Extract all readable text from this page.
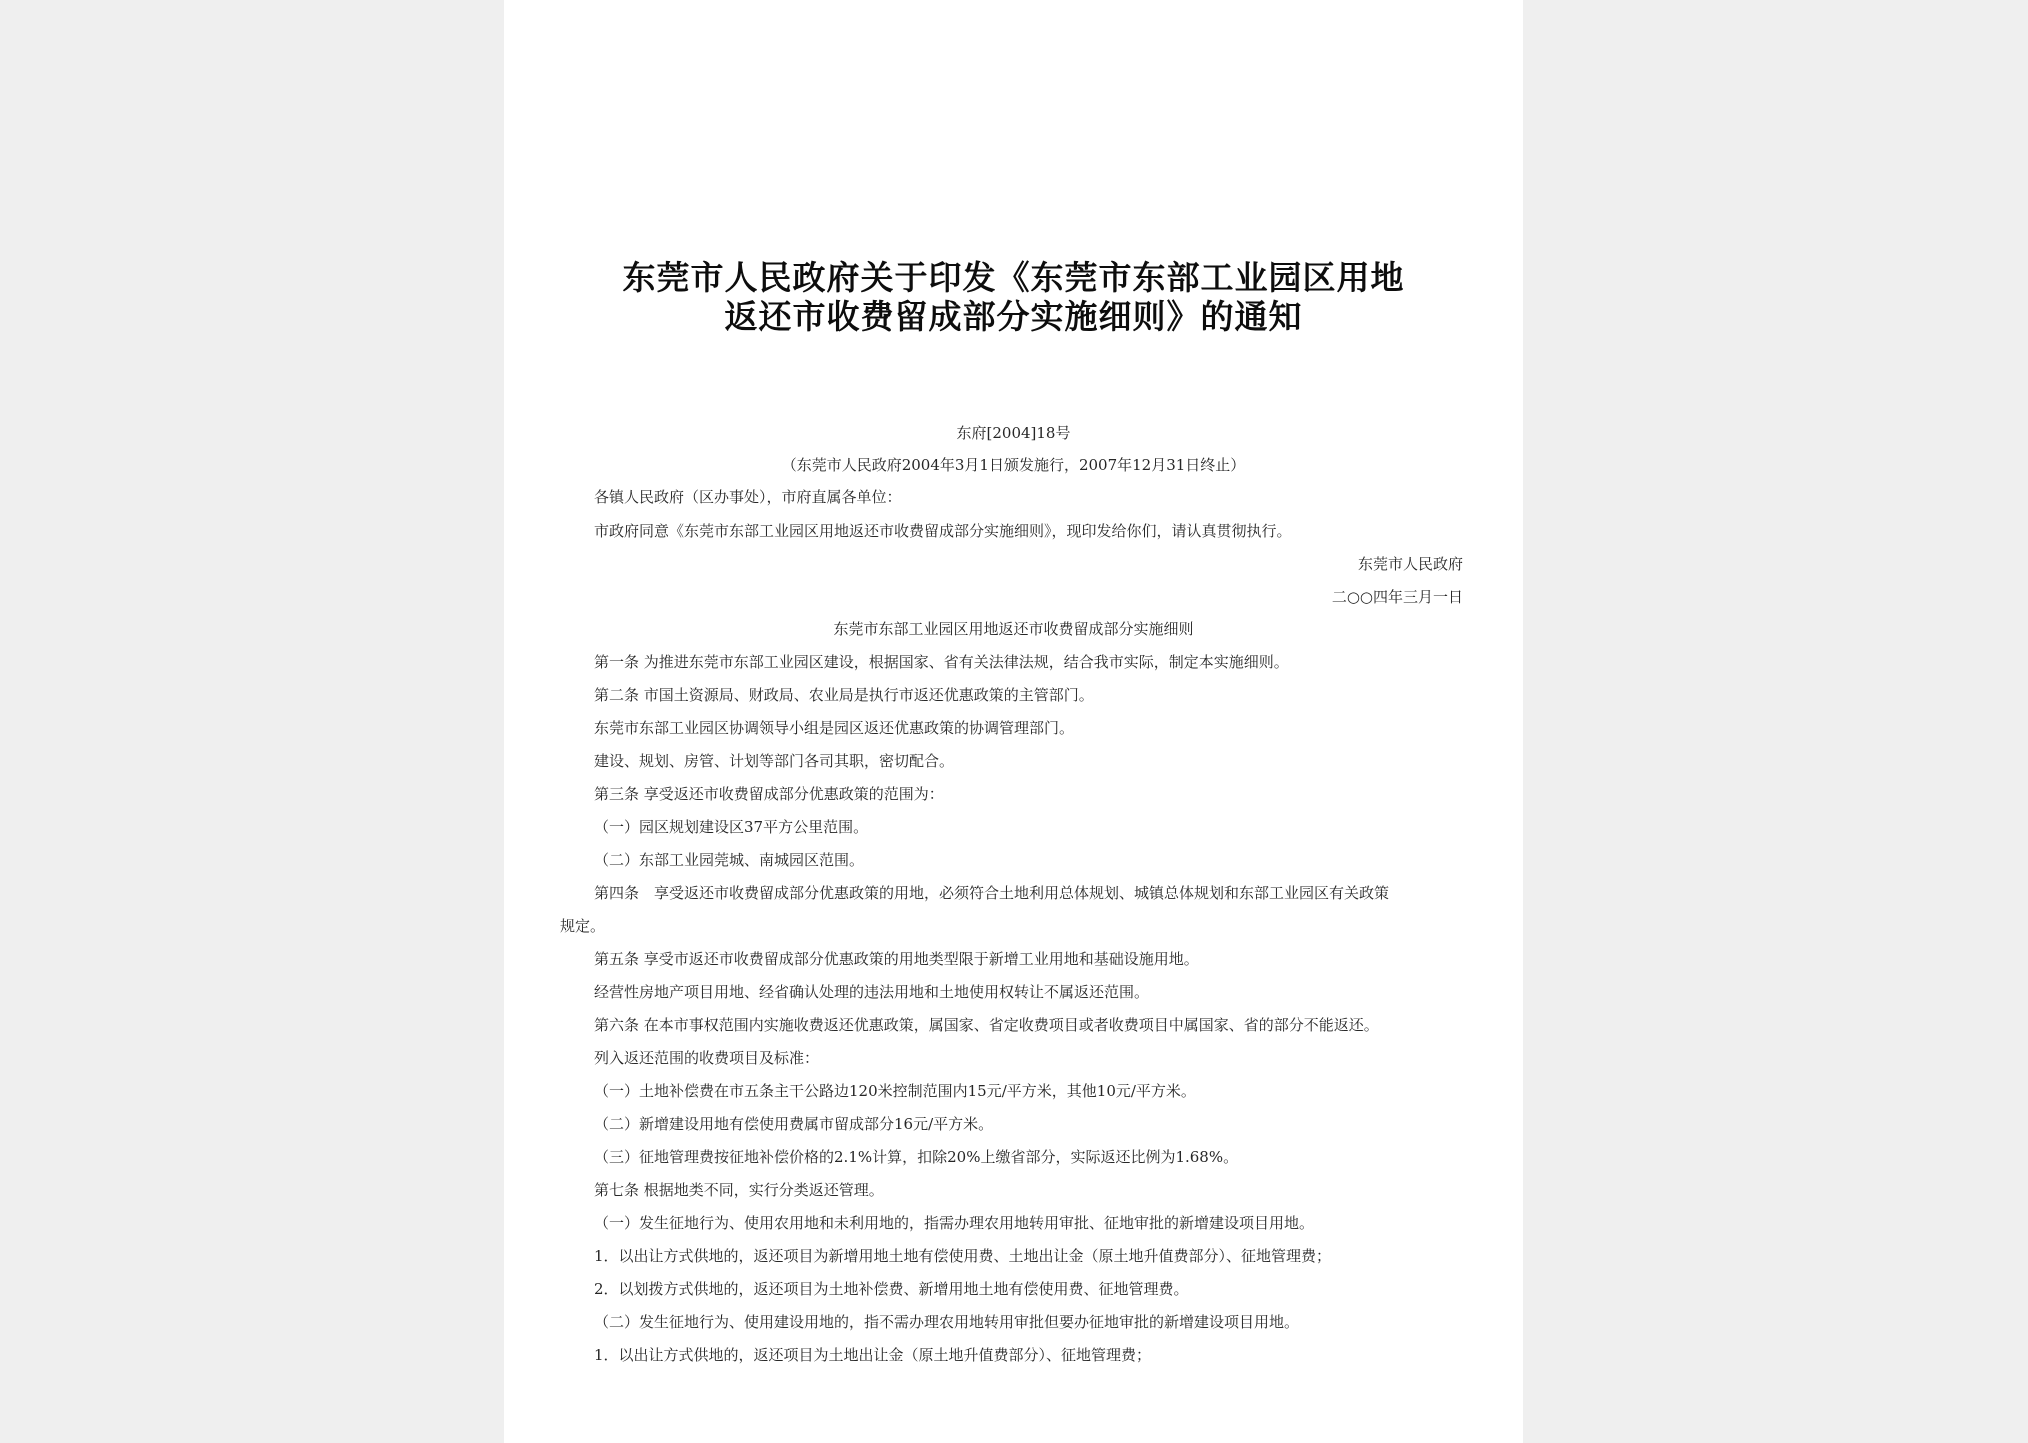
东莞市人民政府关于印发《东莞市东部工业园区用地
返还市收费留成部分实施细则》的通知
东府[2004]18号
（东莞市人民政府2004年3月1日颁发施行，2007年12月31日终止）
各镇人民政府（区办事处），市府直属各单位：
市政府同意《东莞市东部工业园区用地返还市收费留成部分实施细则》，现印发给你们，请认真贯彻执行。
东莞市人民政府
二○○四年三月一日
东莞市东部工业园区用地返还市收费留成部分实施细则
第一条 为推进东莞市东部工业园区建设，根据国家、省有关法律法规，结合我市实际，制定本实施细则。
第二条 市国土资源局、财政局、农业局是执行市返还优惠政策的主管部门。
东莞市东部工业园区协调领导小组是园区返还优惠政策的协调管理部门。
建设、规划、房管、计划等部门各司其职，密切配合。
第三条 享受返还市收费留成部分优惠政策的范围为：
（一）园区规划建设区37平方公里范围。
（二）东部工业园莞城、南城园区范围。
第四条　享受返还市收费留成部分优惠政策的用地，必须符合土地利用总体规划、城镇总体规划和东部工业园区有关政策
规定。
第五条 享受市返还市收费留成部分优惠政策的用地类型限于新增工业用地和基础设施用地。
经营性房地产项目用地、经省确认处理的违法用地和土地使用权转让不属返还范围。
第六条 在本市事权范围内实施收费返还优惠政策，属国家、省定收费项目或者收费项目中属国家、省的部分不能返还。
列入返还范围的收费项目及标准：
（一）土地补偿费在市五条主干公路边120米控制范围内15元/平方米，其他10元/平方米。
（二）新增建设用地有偿使用费属市留成部分16元/平方米。
（三）征地管理费按征地补偿价格的2.1%计算，扣除20%上缴省部分，实际返还比例为1.68%。
第七条 根据地类不同，实行分类返还管理。
（一）发生征地行为、使用农用地和未利用地的，指需办理农用地转用审批、征地审批的新增建设项目用地。
1．以出让方式供地的，返还项目为新增用地土地有偿使用费、土地出让金（原土地升值费部分）、征地管理费；
2．以划拨方式供地的，返还项目为土地补偿费、新增用地土地有偿使用费、征地管理费。
（二）发生征地行为、使用建设用地的，指不需办理农用地转用审批但要办征地审批的新增建设项目用地。
1．以出让方式供地的，返还项目为土地出让金（原土地升值费部分）、征地管理费；
